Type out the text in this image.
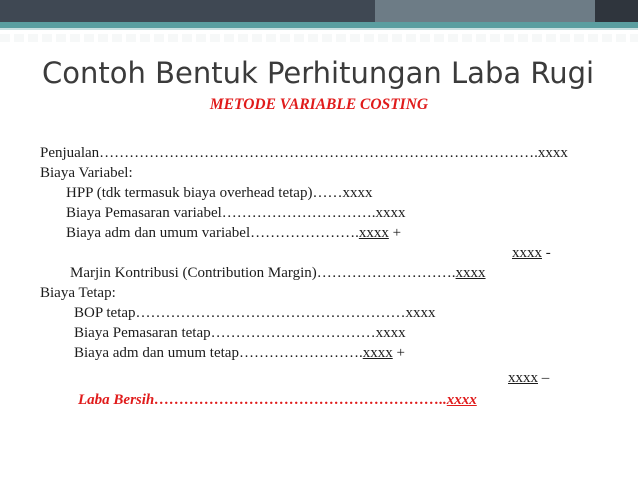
Contoh Bentuk Perhitungan Laba Rugi
METODE VARIABLE COSTING
Penjualan…………………………………………………………………………….xxxx
Biaya Variabel:
HPP (tdk termasuk biaya overhead tetap)……xxxx
Biaya Pemasaran variabel………………………….xxxx
Biaya adm dan umum variabel………………….xxxx +
xxxx -
Marjin Kontribusi (Contribution Margin)……………………….xxxx
Biaya Tetap:
BOP tetap………………………………………………xxxx
Biaya Pemasaran tetap……………………………xxxx
Biaya adm dan umum tetap…………………….xxxx +
xxxx –
Laba Bersih…………………………………………………..xxxx
